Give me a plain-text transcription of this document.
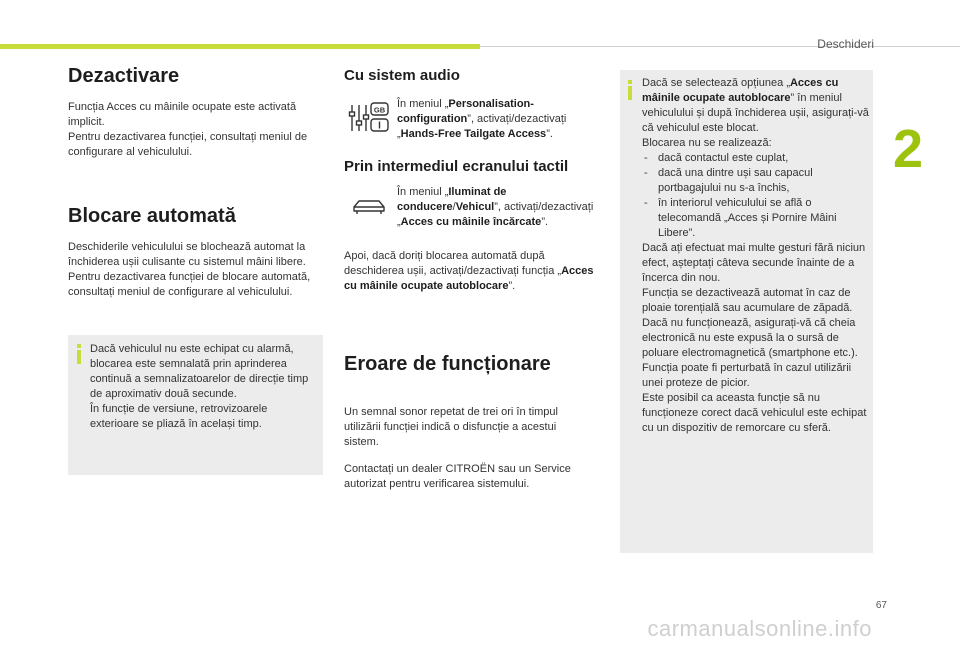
Deschideri
2
Dezactivare

Funcția Acces cu mâinile ocupate este activată implicit.
Pentru dezactivarea funcției, consultați meniul de configurare al vehiculului.

Blocare automată

Deschiderile vehiculului se blochează automat la închiderea ușii culisante cu sistemul mâini libere.
Pentru dezactivarea funcției de blocare automată, consultați meniul de configurare al vehiculului.

Dacă vehiculul nu este echipat cu alarmă, blocarea este semnalată prin aprinderea continuă a semnalizatoarelor de direcție timp de aproximativ două secunde.
În funcție de versiune, retrovizoarele exterioare se pliază în același timp.

Cu sistem audio
GB În meniul „Personalisation-configuration”, activați/dezactivați „Hands-Free Tailgate Access”.
Prin intermediul ecranului tactil
În meniul „Iluminat de conducere/Vehicul”, activați/dezactivați „Acces cu mâinile încărcate”.
Apoi, dacă doriți blocarea automată după deschiderea ușii, activați/dezactivați funcția „Acces cu mâinile ocupate autoblocare”.
Eroare de funcționare

Un semnal sonor repetat de trei ori în timpul utilizării funcției indică o disfuncție a acestui sistem.

Contactați un dealer CITROËN sau un Service autorizat pentru verificarea sistemului.

Dacă se selectează opțiunea „Acces cu mâinile ocupate autoblocare” în meniul vehiculului și după închiderea ușii, asigurați-vă că vehiculul este blocat.

Blocarea nu se realizează:

- dacă contactul este cuplat,
- dacă una dintre uși sau capacul portbagajului nu s-a închis,
- în interiorul vehiculului se află o telecomandă „Acces și Pornire Mâini Libere”.

Dacă ați efectuat mai multe gesturi fără niciun efect, așteptați câteva secunde înainte de a încerca din nou.
Funcția se dezactivează automat în caz de ploaie torențială sau acumulare de zăpadă.
Dacă nu funcționează, asigurați-vă că cheia electronică nu este expusă la o sursă de poluare electromagnetică (smartphone etc.).
Funcția poate fi perturbată în cazul utilizării unei proteze de picior.
Este posibil ca aceasta funcție să nu funcționeze corect dacă vehiculul este echipat cu un dispozitiv de remorcare cu sferă.

67
carmanualsonline.info
